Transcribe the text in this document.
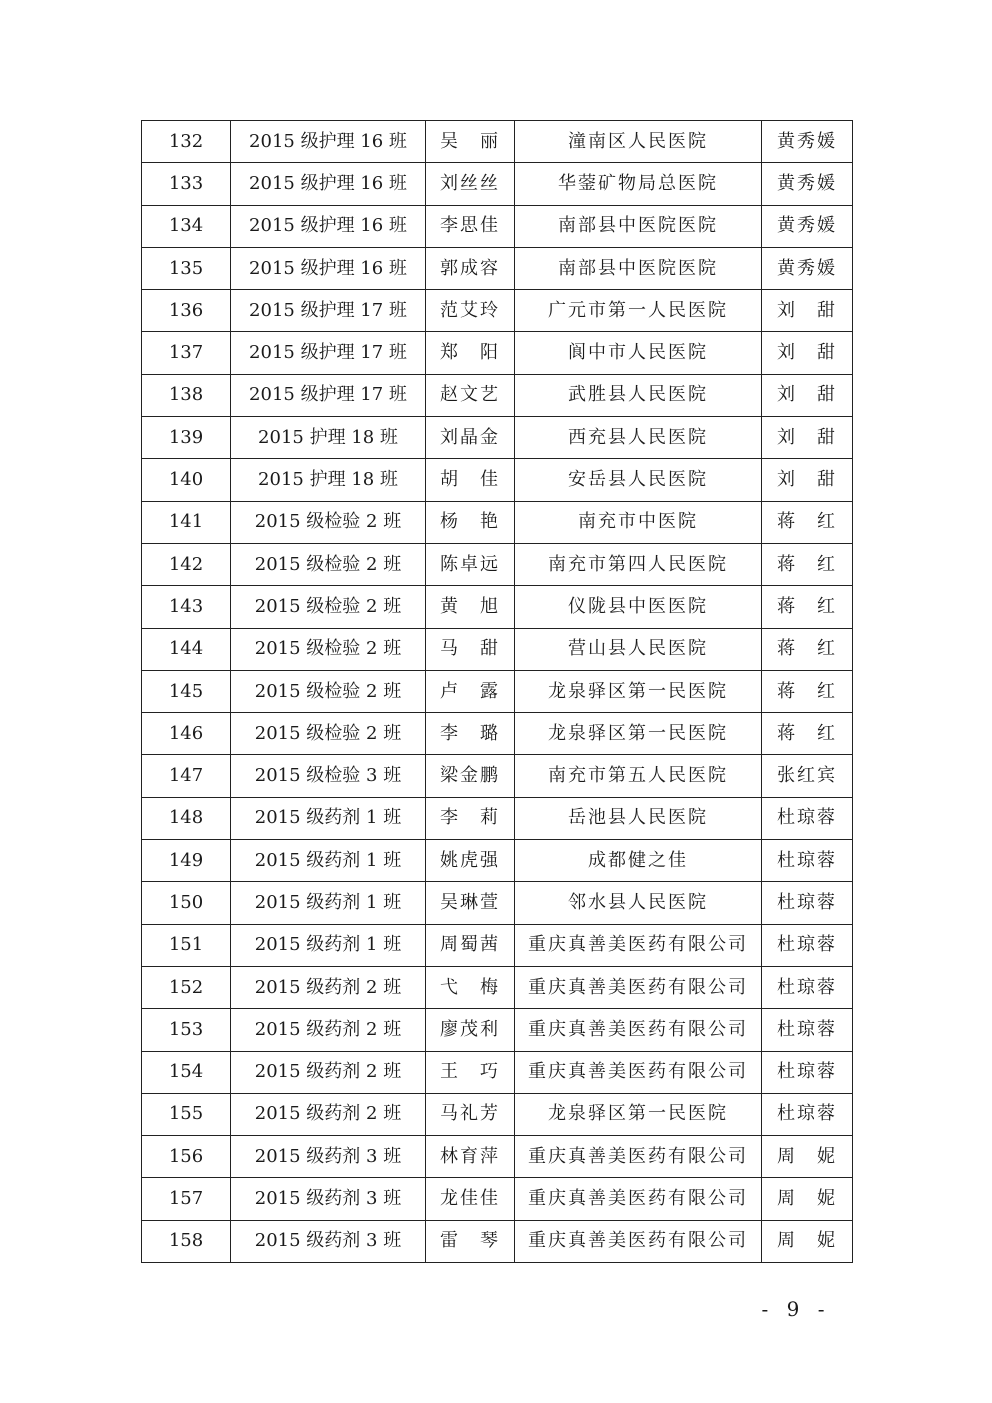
132	2015 级护理 16 班	吴　丽	潼南区人民医院	黄秀媛
133	2015 级护理 16 班	刘丝丝	华蓥矿物局总医院	黄秀媛
134	2015 级护理 16 班	李思佳	南部县中医院医院	黄秀媛
135	2015 级护理 16 班	郭成容	南部县中医院医院	黄秀媛
136	2015 级护理 17 班	范艾玲	广元市第一人民医院	刘　甜
137	2015 级护理 17 班	郑　阳	阆中市人民医院	刘　甜
138	2015 级护理 17 班	赵文艺	武胜县人民医院	刘　甜
139	2015 护理 18 班	刘晶金	西充县人民医院	刘　甜
140	2015 护理 18 班	胡　佳	安岳县人民医院	刘　甜
141	2015 级检验 2 班	杨　艳	南充市中医院	蒋　红
142	2015 级检验 2 班	陈卓远	南充市第四人民医院	蒋　红
143	2015 级检验 2 班	黄　旭	仪陇县中医医院	蒋　红
144	2015 级检验 2 班	马　甜	营山县人民医院	蒋　红
145	2015 级检验 2 班	卢　露	龙泉驿区第一民医院	蒋　红
146	2015 级检验 2 班	李　璐	龙泉驿区第一民医院	蒋　红
147	2015 级检验 3 班	梁金鹏	南充市第五人民医院	张红宾
148	2015 级药剂 1 班	李　莉	岳池县人民医院	杜琼蓉
149	2015 级药剂 1 班	姚虎强	成都健之佳	杜琼蓉
150	2015 级药剂 1 班	吴琳萱	邻水县人民医院	杜琼蓉
151	2015 级药剂 1 班	周蜀茜	重庆真善美医药有限公司	杜琼蓉
152	2015 级药剂 2 班	弋　梅	重庆真善美医药有限公司	杜琼蓉
153	2015 级药剂 2 班	廖茂利	重庆真善美医药有限公司	杜琼蓉
154	2015 级药剂 2 班	王　巧	重庆真善美医药有限公司	杜琼蓉
155	2015 级药剂 2 班	马礼芳	龙泉驿区第一民医院	杜琼蓉
156	2015 级药剂 3 班	林育萍	重庆真善美医药有限公司	周　妮
157	2015 级药剂 3 班	龙佳佳	重庆真善美医药有限公司	周　妮
158	2015 级药剂 3 班	雷　琴	重庆真善美医药有限公司	周　妮
- 9 -
